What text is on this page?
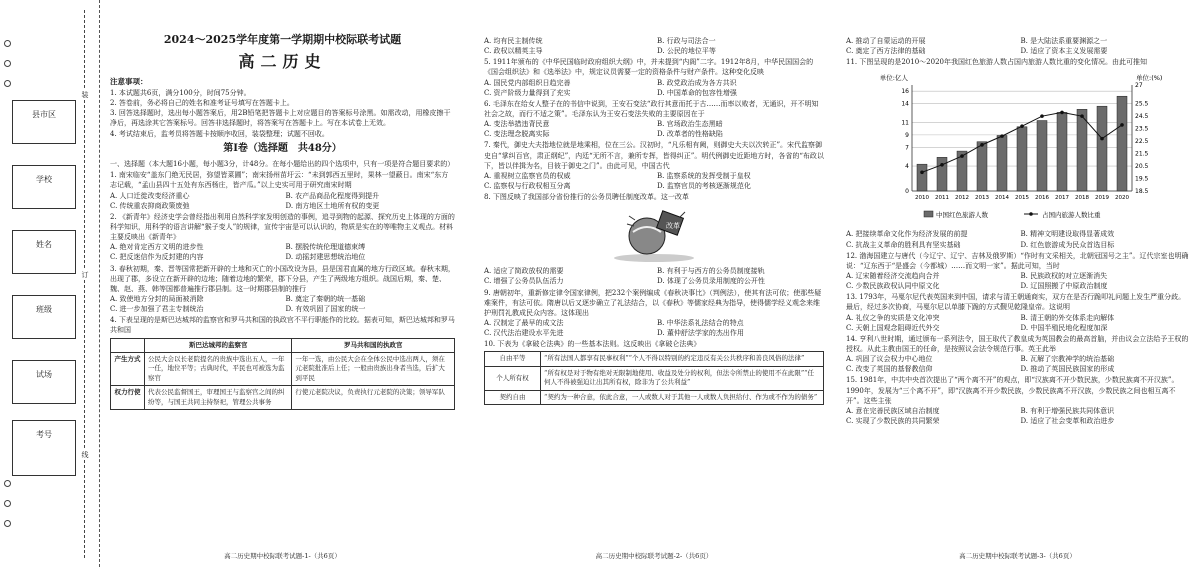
装
订
线
县市区
学校
姓名
班级
试场
考号
2024～2025学年度第一学期期中校际联考试题
高二历史
注意事项：

1. 本试题共6页，满分100分，时间75分钟。

2. 答卷前，务必将自己的姓名和准考证号填写在答题卡上。

3. 回答选择题时，选出每小题答案后，用2B铅笔把答题卡上对应题目的答案标号涂黑。如需改动，用橡皮擦干净后，再选涂其它答案标号。回答非选择题时，将答案写在答题卡上。写在本试卷上无效。

4. 考试结束后，监考员将答题卡按顺序收回，装袋整理；试题不回收。

第Ⅰ卷（选择题　共48分）

一、选择题（本大题16小题，每小题3分，计48分。在每小题给出的四个选项中，只有一项是符合题目要求的）

1. 南宋临安“盖东门绝无民居，弥望皆菜圃”；南宋扬州苗圩云：“未到郭西五里时，果林一望蔽日。南宋“东方志记载，“孟山县四十五处有东西杨庄，皆产瓜。”以上史实可用于研究南宋时期

A. 人口迁徙改变经济重心	B. 农产品商品化程度得到提升
C. 传统重农抑商政策废弛	D. 南方地区土地所有权的变更

2. 《新青年》经济史学会曾经指出利用自然科学家发明创造的事例，追寻到物的起源、探究历史上体现的方面的科学知识，用科学的语言讲解“猴子变人”的规律，宣传宇宙是可以认识的，物质是实在的等唯物主义观点。材料主要反映出《新青年》

A. 绝对肯定西方文明的进步性	B. 摆脱传统伦理道德束缚
C. 把反迷信作为反封建的内容	D. 动摇封建思想统治地位

3. 春秋初期，秦、晋等国常把新开辟的土地和灭亡的小国改设为县，县是国君直属的地方行政区域。春秋末期，出现了郡，多设立在新开辟的边地；随着边地的繁荣，郡下分县，产生了两级地方组织。战国后期，秦、楚、魏、赵、燕、韩等国都普遍推行郡县制。这一时期郡县制的推行

A. 致使地方分封的局面被消除	B. 奠定了秦朝的统一基础
C. 进一步加强了君主专制统治	D. 有效巩固了国家的统一

4. 下表呈现的是斯巴达城邦的监察官和罗马共和国的执政官不平行职能作的比较。据表可知，斯巴达城邦和罗马共和国

	斯巴达城邦的监察官	罗马共和国的执政官
产生方式	公民大会以长老院提名的贵族中选出五人，一年一任，地位平等；古典时代，平民也可被选为监察官	一年一选，由公民大会在全体公民中选出两人，须在元老院批准后上任；一般由贵族出身者当选，后扩大到平民
权力行使	代表公民监督国王，审理国王与监察官之间的纠纷等，与国王共同主持祭祀，管理公共事务	行使元老院决议，负责执行元老院的决策；领导军队
高二历史期中校际联考试题-1-（共6页）
A. 均有民主制传统	B. 行政与司法合一
C. 政权以精英主导	D. 公民的地位平等

5. 1911年颁布的《中华民国临时政府组织大纲》中，并未提到“内阁”二字。1912年8月，中华民国国会的《国会组织法》和《选举法》中，规定议员需要一定的资格条件与财产条件。这种变化反映

A. 国民党内部组织日趋完善	B. 政党政治成为各方共识
C. 资产阶级力量得到了充实	D. 中国革命的包容性增强

6. 毛泽东在给女人整子在的书信中说到，王安石变法“政行其意而托于古……而率以败者，无通识，开不明知社会之故，而行不适之策”。毛泽东认为王安石变法失败的主要原因在于

A. 变法举措违背民意	B. 官场政治生态黑暗
C. 变法理念脱离实际	D. 改革者的性格缺陷

7. 秦代，御史大夫指地位就是地乘相，位在三公。汉初时，“凡乐相有阙，则御史大夫以次转正”。宋代监察御史自“掌纠百官，肃正纲纪”，内廷“无所不言，兼所专挥，皆得纠正”。明代例御史近距地方时，各省的“布政以下，皆以伴揖为名，目彼于御史之门”。由此可见，中国古代

A. 重视树立监察官员的权威	B. 监察系统的发挥受制于皇权
C. 监察权与行政权相互分离	D. 监察官员的考核逐渐规范化

8. 下图反映了我国部分省份推行的公务员聘任制度改革。这一改革

改革
A. 适应了简政放权的需要	B. 有利于与西方的公务员制度接轨
C. 增强了公务员队伍活力	D. 体现了公务员录用制度的公开性

9. 唐朝初年，重新修定律令国家律例，把232个案例编成《春秋决事比》（判例法），使其有法可依；使那些疑难案件，有法可依。隋唐以后又逐步确立了礼法结合，以《春秋》等儒家经典为指导，使得儒学经义观念来维护刑罚礼教成民众内容。这体现出

A. 汉制定了最早的成文法	B. 中华法系礼法结合的特点
C. 汉代法治建设水平先进	D. 董仲舒法学家的杰出作用

10. 下表为《拿破仑法典》的一些基本法则。这反映出《拿破仑法典》

自由平等	“所有法国人都享有民事权利”“个人不得以特别的约定违反有关公共秩序和善良风俗的法律”
个人所有权	“所有权是对于物有绝对无限制地使用、收益及处分的权利，但法令所禁止的使用不在此限”“任何人不得被强迫让出其所有权，除非为了公共利益”
契约自由	“契约为一种合意，依此合意，一人或数人对于其他一人或数人负担给付、作为或不作为的债务”
高二历史期中校际联考试题-2-（共6页）
A. 推动了自蒙运动的开展	B. 是大陆法系重要渊源之一
C. 奠定了西方法律的基础	D. 适应了资本主义发展需要

11. 下图呈现的是2010～2020年我国红色旅游人数占国内旅游人数比重的变化情况。由此可推知

0
4
7
9
11
14
16
18.5
19.5
20.5
21.5
22.5
23.5
24.5
25.5
27
单位:亿人	单位:(%)
2010 2011 2012 2013 2014 2015 2016 2017 2018 2019 2020
中国红色旅游人数	占国内旅游人数比重
A. 把接续革命文化作为经济发展的前提	B. 精神文明建设取得显著成效
C. 抗战主义革命的胜利具有坚实基础	D. 红色旅游成为民众首选目标

12. 渤海国建立与唐代（今辽宁、辽宁、吉林及俄罗斯）“作时有文采相关，北朝冠国号之主”。辽代宗室也明确说：“辽东西于“是盛会（今都城）……而文明一家”。据此可知，当时

A. 辽宋随着经济交流趋向合并	B. 民族政权的对立逐渐消失
C. 少数民族政权认同中原文化	D. 辽国照搬了中原政治制度

13. 1793年，马戛尔尼代表英国来到中国，请求与清王朝通商实，双方在是否行跪叩礼问题上发生严重分歧。最后，经过多次协商，马戛尔尼以单膝下跪的方式觐见乾隆皇帝。这说明

A. 礼仪之争的实质是文化冲突	B. 清王朝的外交体系走向解体
C. 天朝上国观念阻碍近代外交	D. 中国半殖民地化程度加深

14. 亨利八世时期，通过颁布一系列法令，国王取代了教皇成为英国教会的最高首脑，并由议会立法给予王权的授权。从此主教由国王的任命，是按照议会法令规范行事。英王此举

A. 巩固了议会权力中心地位	B. 瓦解了宗教神学的统治基础
C. 改变了英国的基督教信仰	D. 推动了英国民族国家的形成

15. 1981年，中共中央首次提出了“两个离不开”的观点，即“汉族离不开少数民族，少数民族离不开汉族”。1990年，发展为“三个离不开”，即“汉族离不开少数民族，少数民族离不开汉族，少数民族之间也相互离不开”。这些主张

A. 意在完善民族区域自治制度	B. 有利于增强民族共同体意识
C. 实现了少数民族的共同繁荣	D. 适应了社会变革和政治进步
高二历史期中校际联考试题-3-（共6页）
